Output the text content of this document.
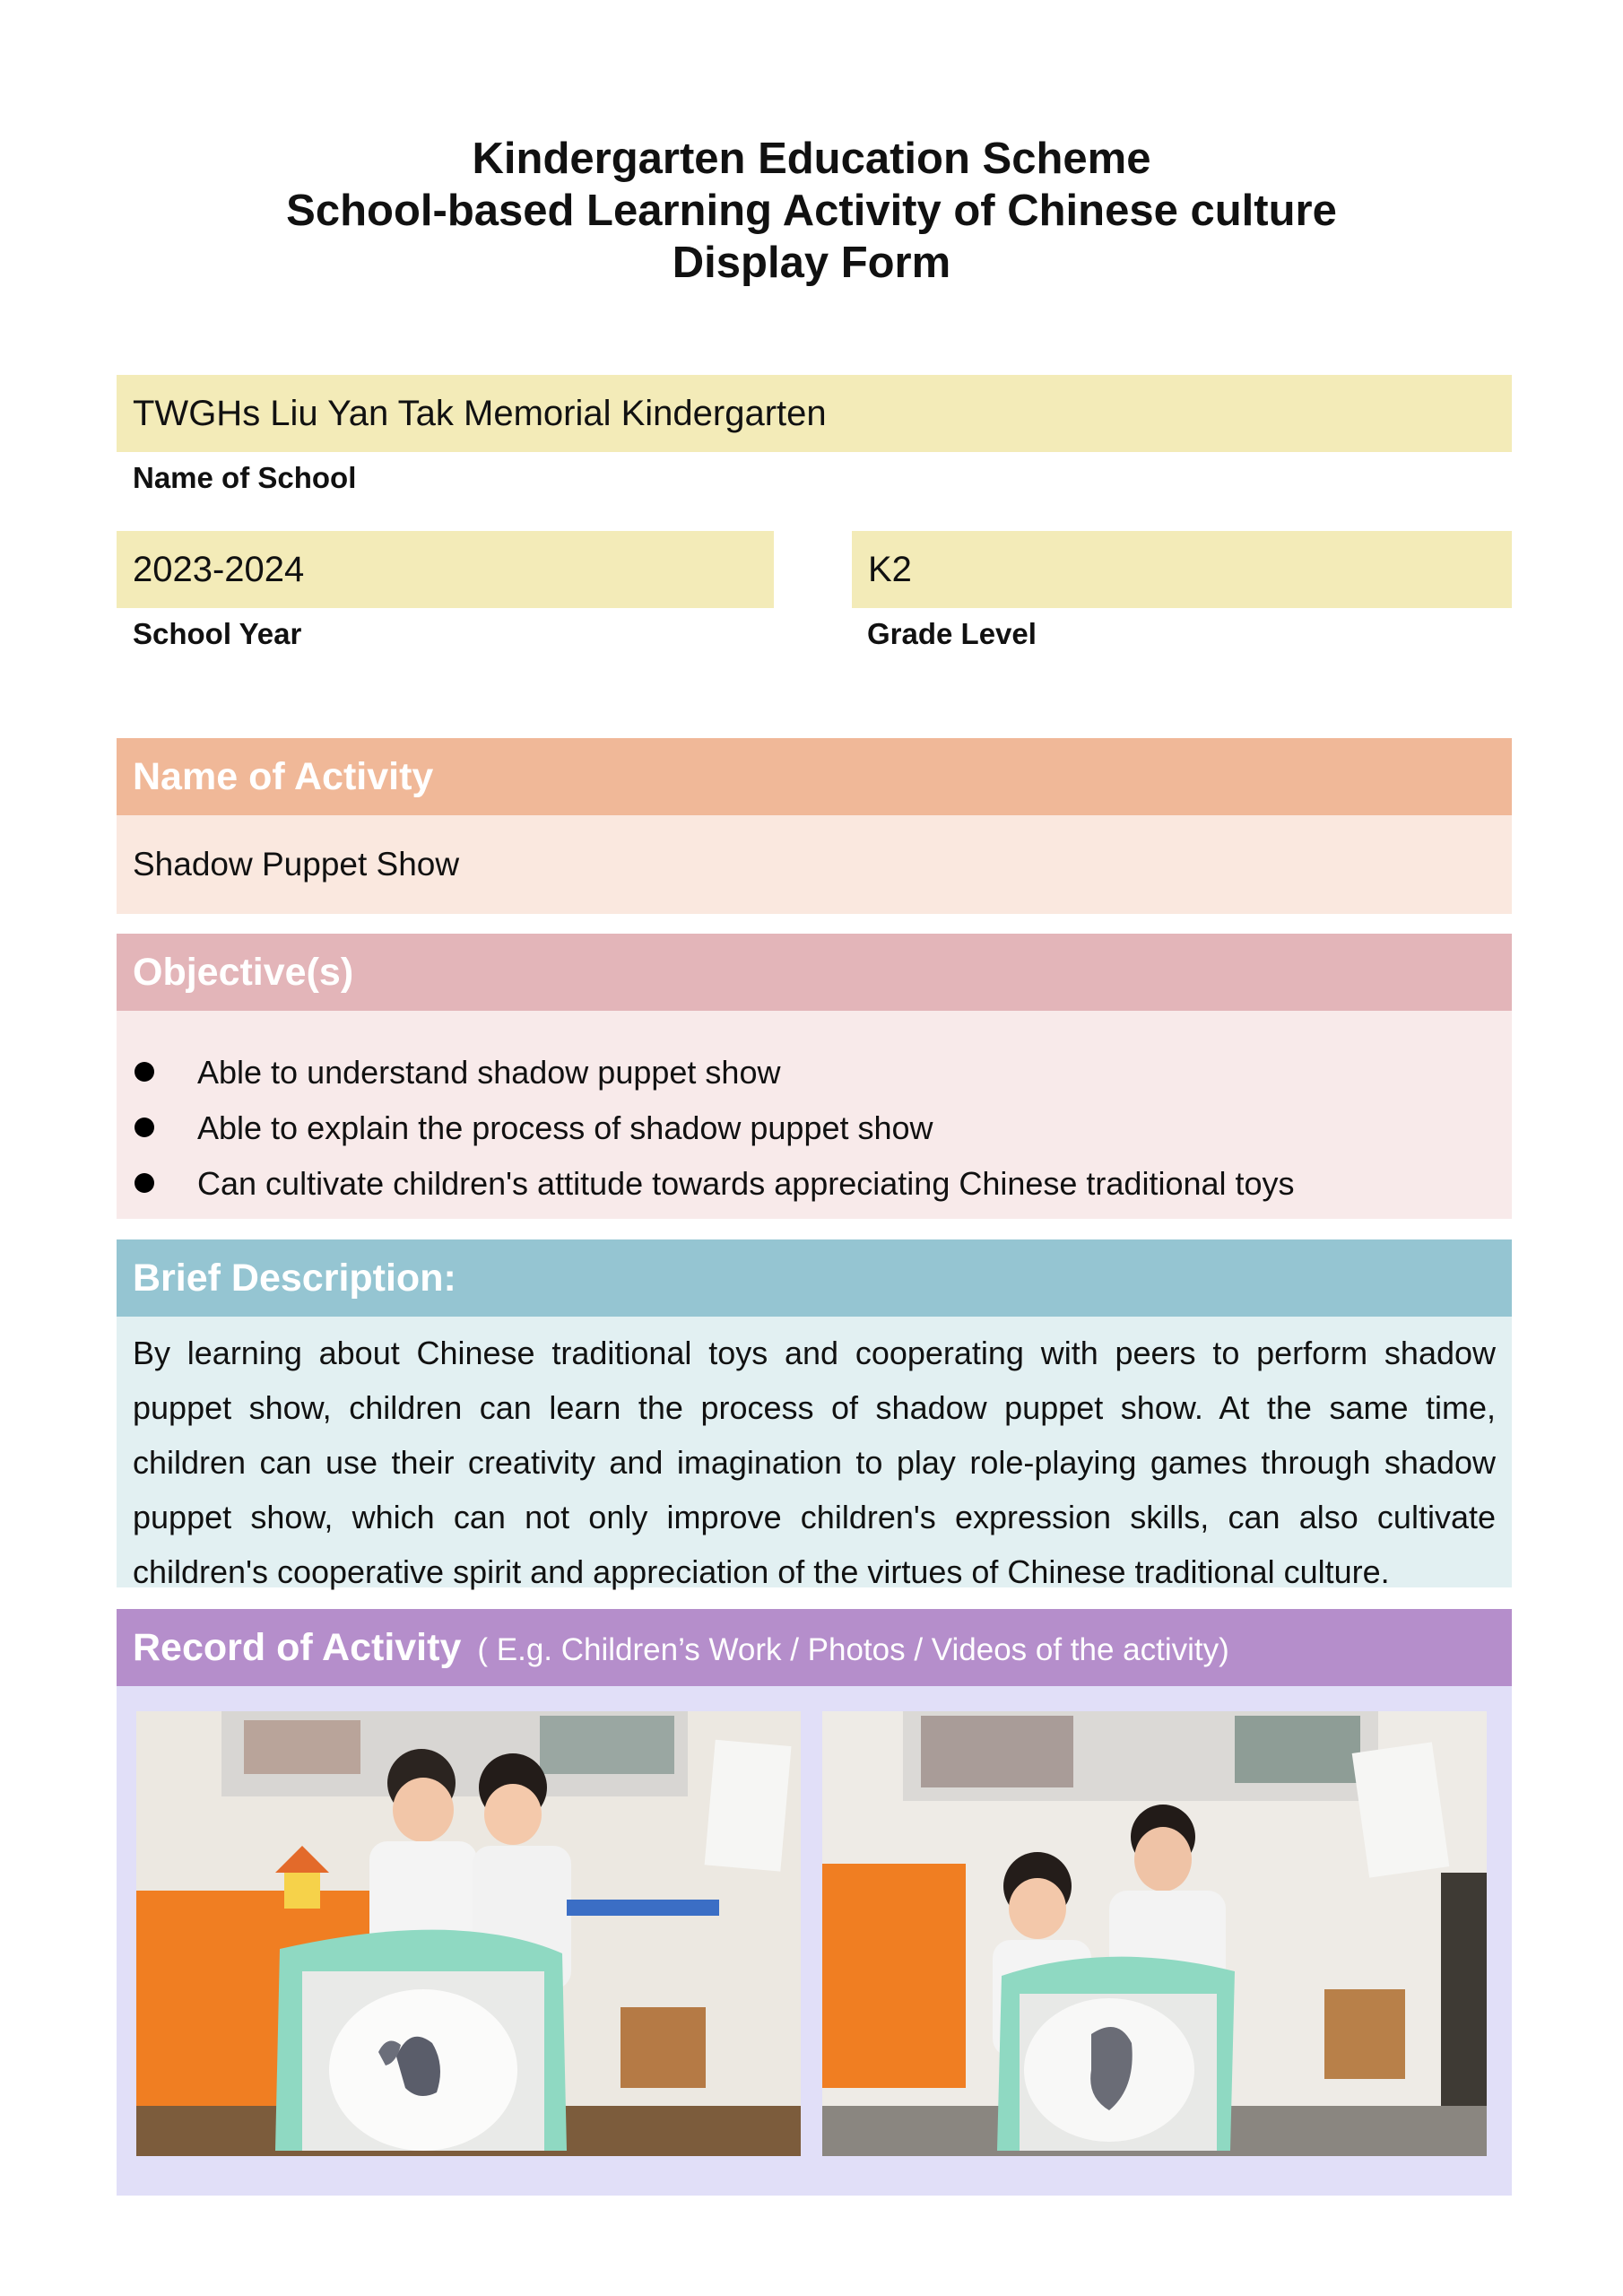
Kindergarten Education Scheme
School-based Learning Activity of Chinese culture
Display Form
TWGHs Liu Yan Tak Memorial Kindergarten
Name of School
2023-2024
School Year
K2
Grade Level
Name of Activity
Shadow Puppet Show
Objective(s)
Able to understand shadow puppet show
Able to explain the process of shadow puppet show
Can cultivate children's attitude towards appreciating Chinese traditional toys
Brief Description:
By learning about Chinese traditional toys and cooperating with peers to perform shadow puppet show, children can learn the process of shadow puppet show. At the same time, children can use their creativity and imagination to play role-playing games through shadow puppet show, which can not only improve children's expression skills, can also cultivate children's cooperative spirit and appreciation of the virtues of Chinese traditional culture.
Record of Activity ( E.g. Children’s Work / Photos / Videos of the activity)
